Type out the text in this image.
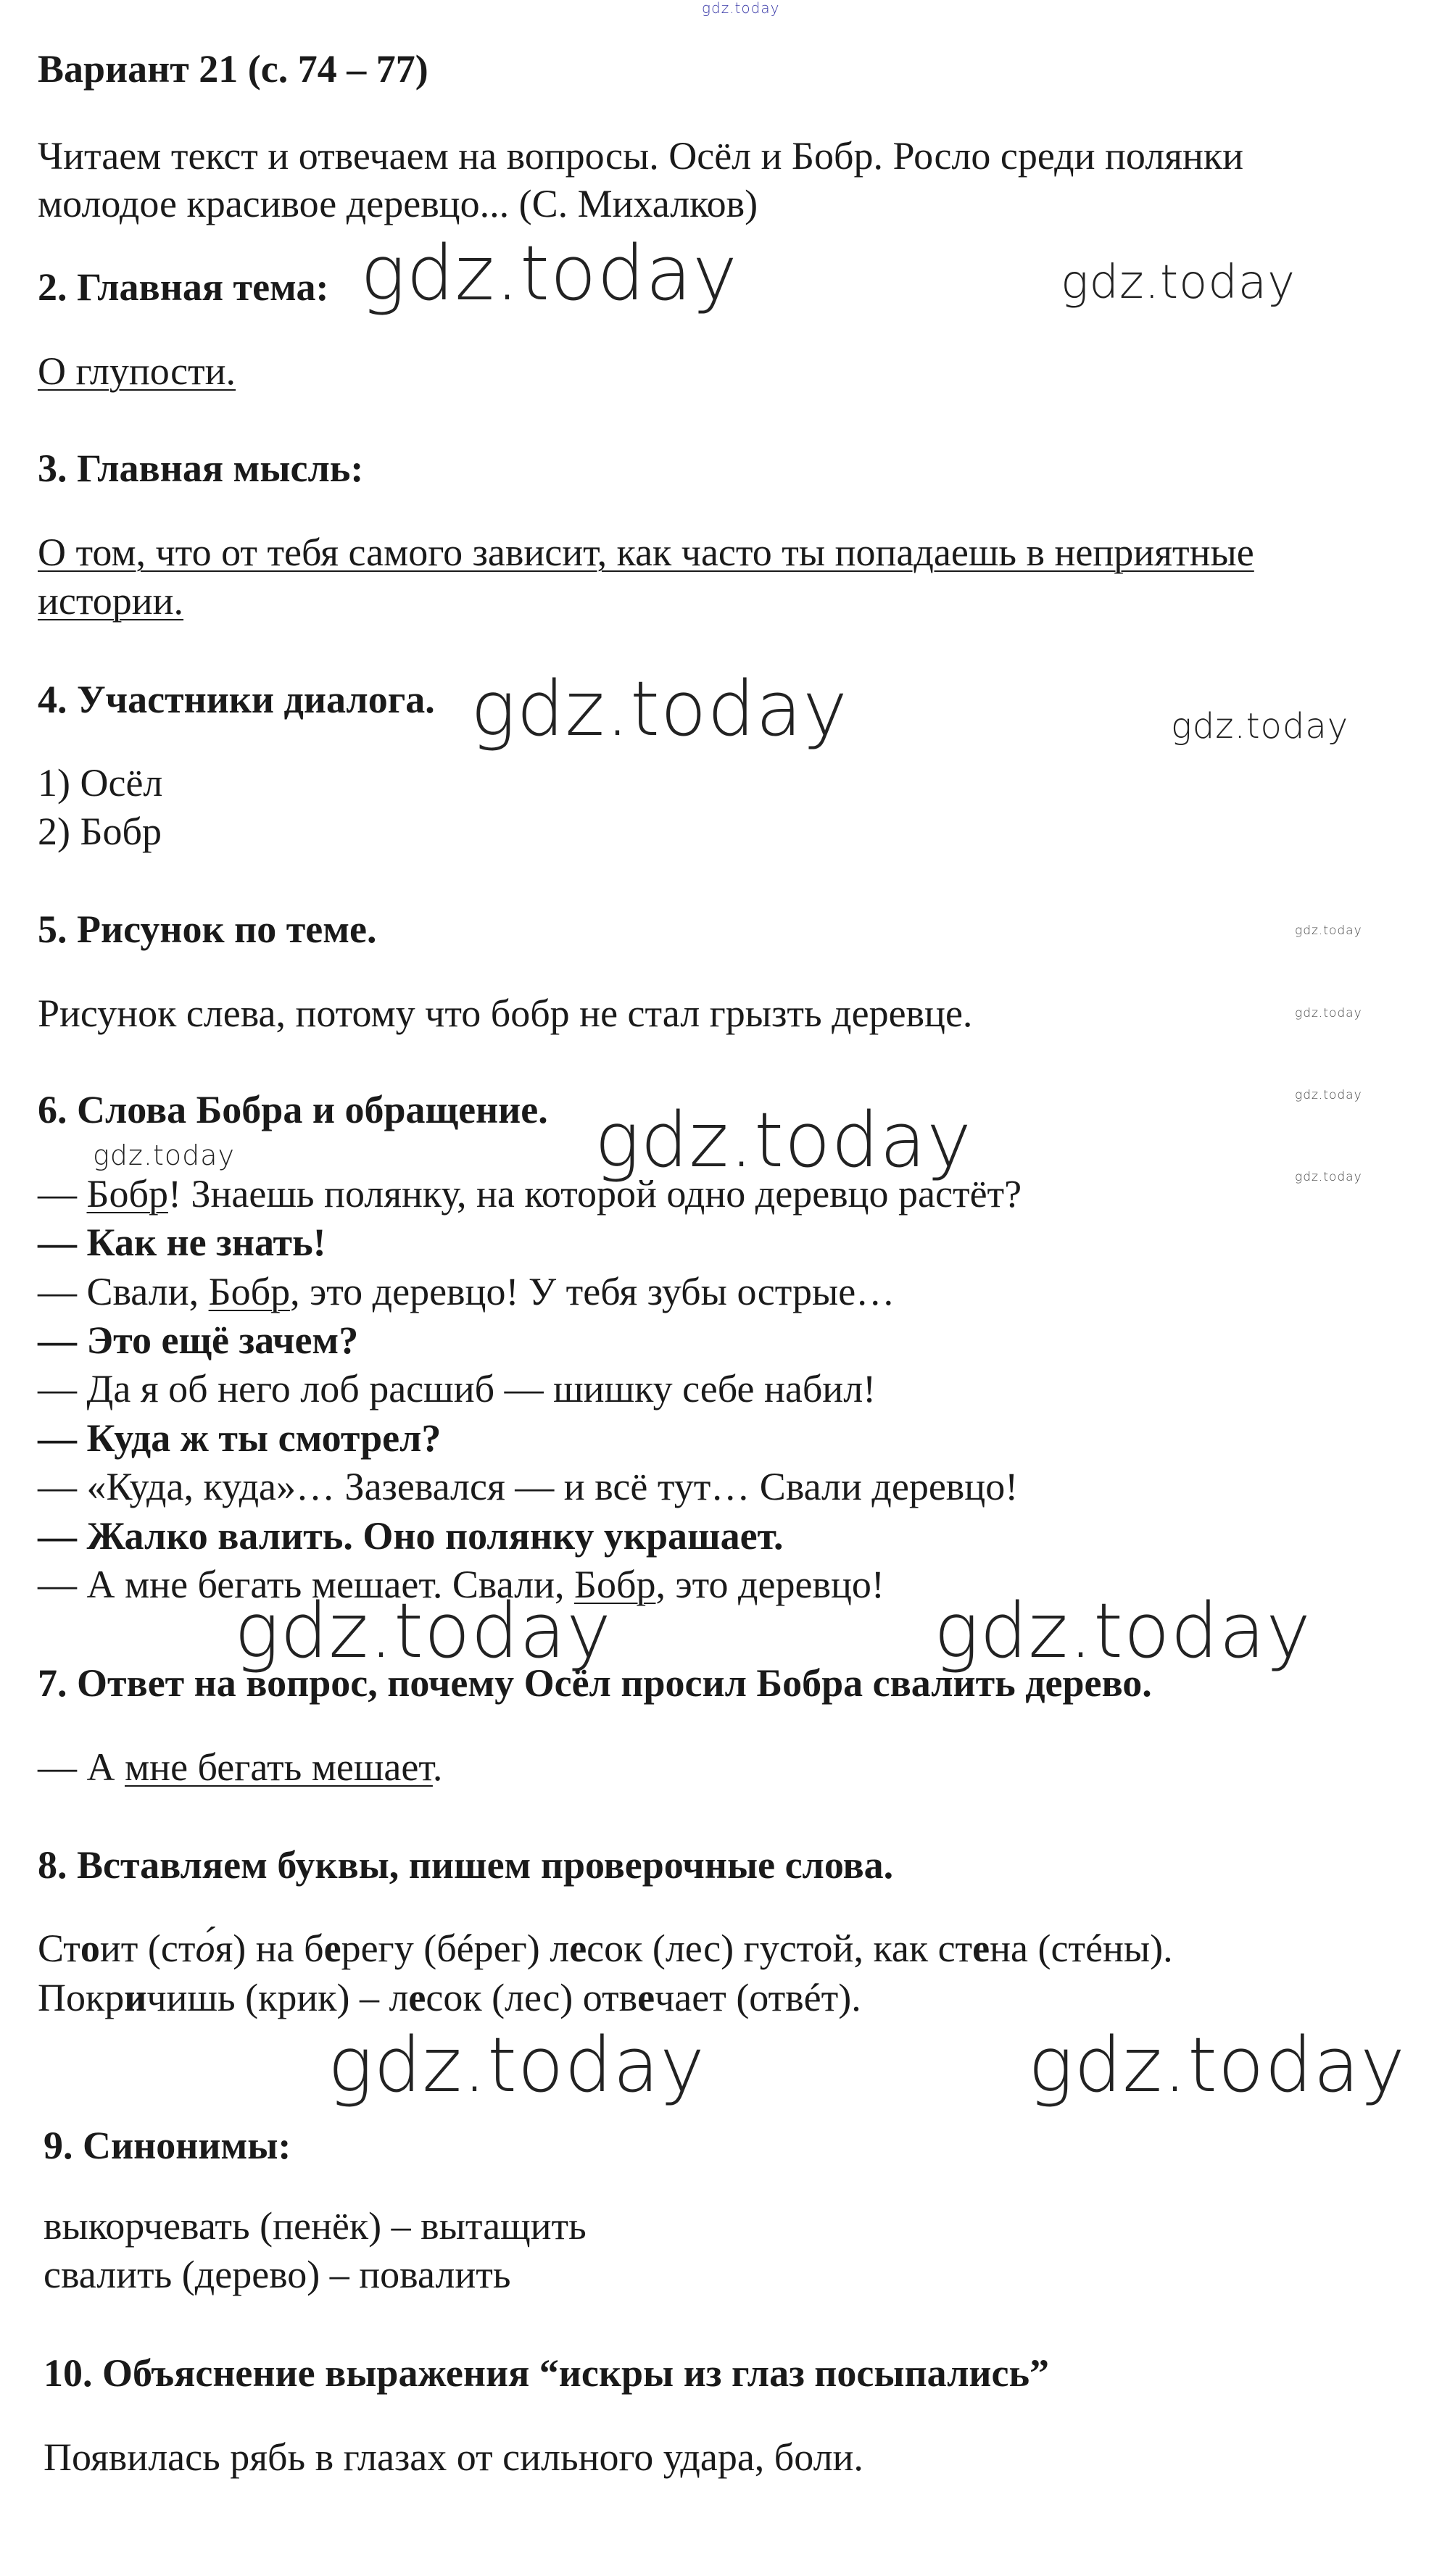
gdz.today
Вариант 21 (с. 74 – 77)
Читаем текст и отвечаем на вопросы. Осёл и Бобр. Росло среди полянки
молодое красивое деревцо... (С. Михалков)
2. Главная тема: gdz.today	gdz.today
О глупости.
3. Главная мысль:
О том, что от тебя самого зависит, как часто ты попадаешь в неприятные
истории.
4. Участники диалога. gdz.today	gdz.today
1) Осёл
2) Бобр
5. Рисунок по теме.	gdz.today
Рисунок слева, потому что бобр не стал грызть деревце.	gdz.today
6. Слова Бобра и обращение.	gdz.today
gdz.today
gdz.today
gdz.today
— Бобр! Знаешь полянку, на которой одно деревцо растёт?
— Как не знать!
— Свали, Бобр, это деревцо! У тебя зубы острые…
— Это ещё зачем?
— Да я об него лоб расшиб — шишку себе набил!
— Куда ж ты смотрел?
— «Куда, куда»… Зазевался — и всё тут… Свали деревцо!
— Жалко валить. Оно полянку украшает.
— А мне бегать мешает. Свали, Бобр, это деревцо!
gdz.today	gdz.today
7. Ответ на вопрос, почему Осёл просил Бобра свалить дерево.
— А мне бегать мешает.
8. Вставляем буквы, пишем проверочные слова.
Стоит (сто́я) на берегу (бéрег) лесок (лес) густой, как стена (стéны).
Покричишь (крик) – лесок (лес) отвечает (отвéт).
gdz.today	gdz.today
9. Синонимы:
выкорчевать (пенёк) – вытащить
свалить (дерево) – повалить
10. Объяснение выражения “искры из глаз посыпались”
Появилась рябь в глазах от сильного удара, боли.
